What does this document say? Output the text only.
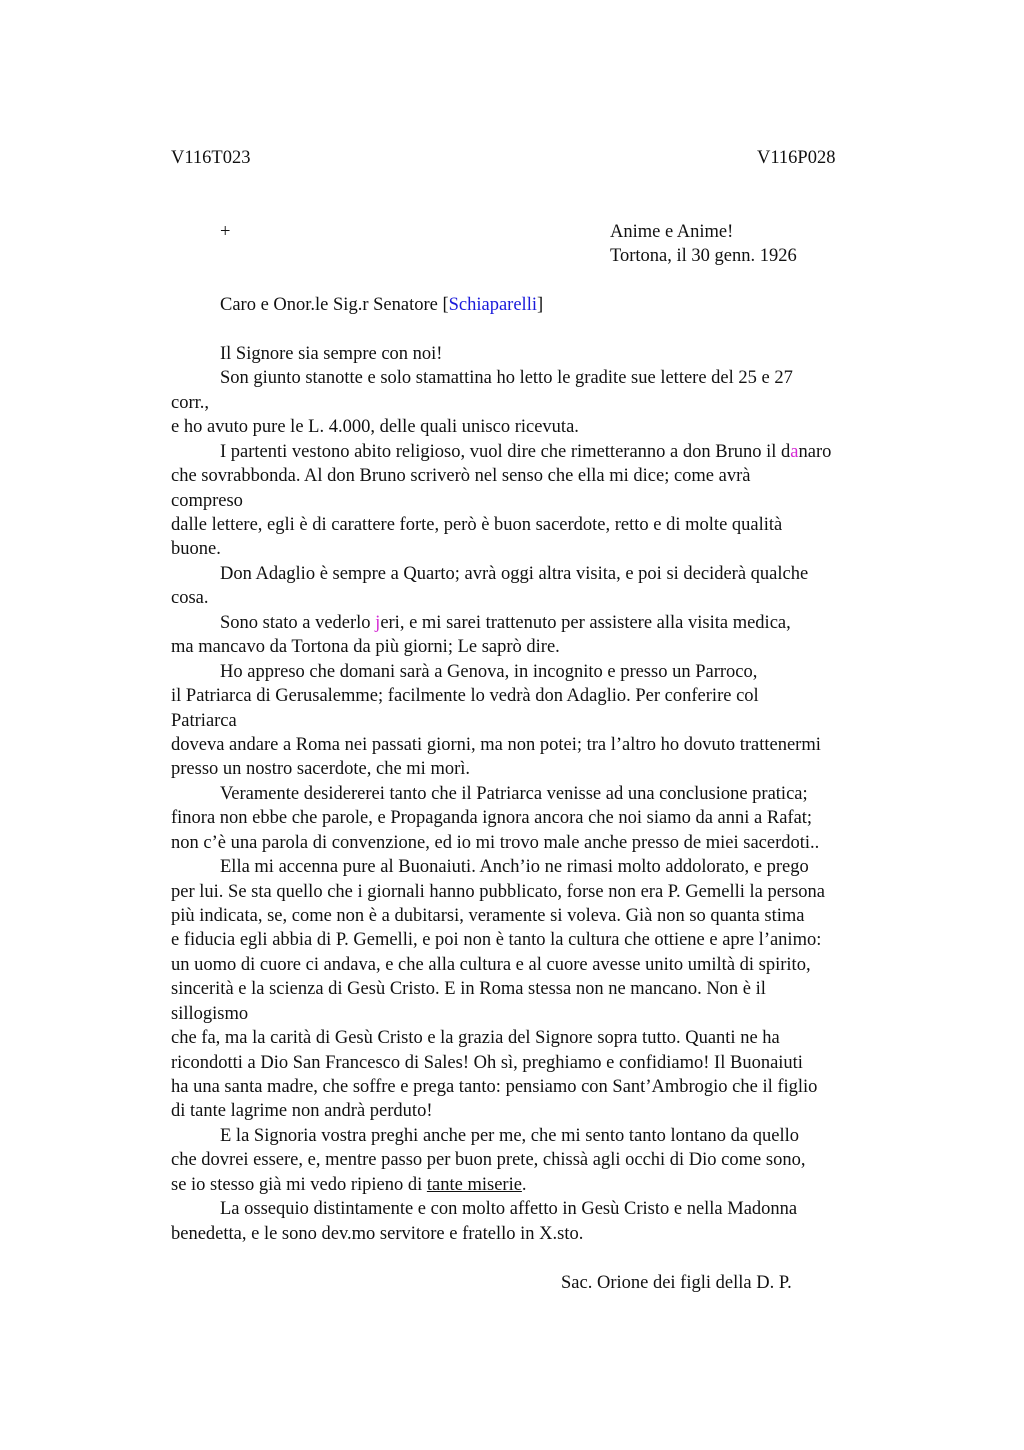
V116T023	V116P028
+	Anime e Anime!
Tortona, il 30 genn. 1926
Caro e Onor.le Sig.r Senatore [Schiaparelli]
Il Signore sia sempre con noi!
Son giunto stanotte e solo stamattina ho letto le gradite sue lettere del 25 e 27
corr.,
e ho avuto pure le L. 4.000, delle quali unisco ricevuta.
I partenti vestono abito religioso, vuol dire che rimetteranno a don Bruno il danaro
che sovrabbonda. Al don Bruno scriverò nel senso che ella mi dice; come avrà
compreso
dalle lettere, egli è di carattere forte, però è buon sacerdote, retto e di molte qualità
buone.
Don Adaglio è sempre a Quarto; avrà oggi altra visita, e poi si deciderà qualche
cosa.
Sono stato a vederlo jeri, e mi sarei trattenuto per assistere alla visita medica,
ma mancavo da Tortona da più giorni; Le saprò dire.
Ho appreso che domani sarà a Genova, in incognito e presso un Parroco,
il Patriarca di Gerusalemme; facilmente lo vedrà don Adaglio. Per conferire col
Patriarca
doveva andare a Roma nei passati giorni, ma non potei; tra l’altro ho dovuto trattenermi
presso un nostro sacerdote, che mi morì.
Veramente desidererei tanto che il Patriarca venisse ad una conclusione pratica;
finora non ebbe che parole, e Propaganda ignora ancora che noi siamo da anni a Rafat;
non c’è una parola di convenzione, ed io mi trovo male anche presso de miei sacerdoti..
Ella mi accenna pure al Buonaiuti. Anch’io ne rimasi molto addolorato, e prego
per lui. Se sta quello che i giornali hanno pubblicato, forse non era P. Gemelli la persona
più indicata, se, come non è a dubitarsi, veramente si voleva. Già non so quanta stima
e fiducia egli abbia di P. Gemelli, e poi non è tanto la cultura che ottiene e apre l’animo:
un uomo di cuore ci andava, e che alla cultura e al cuore avesse unito umiltà di spirito,
sincerità e la scienza di Gesù Cristo. E in Roma stessa non ne mancano. Non è il
sillogismo
che fa, ma la carità di Gesù Cristo e la grazia del Signore sopra tutto. Quanti ne ha
ricondotti a Dio San Francesco di Sales! Oh sì, preghiamo e confidiamo! Il Buonaiuti
ha una santa madre, che soffre e prega tanto: pensiamo con Sant’Ambrogio che il figlio
di tante lagrime non andrà perduto!
E la Signoria vostra preghi anche per me, che mi sento tanto lontano da quello
che dovrei essere, e, mentre passo per buon prete, chissà agli occhi di Dio come sono,
se io stesso già mi vedo ripieno di tante miserie.
La ossequio distintamente e con molto affetto in Gesù Cristo e nella Madonna
benedetta, e le sono dev.mo servitore e fratello in X.sto.
Sac. Orione dei figli della D. P.
